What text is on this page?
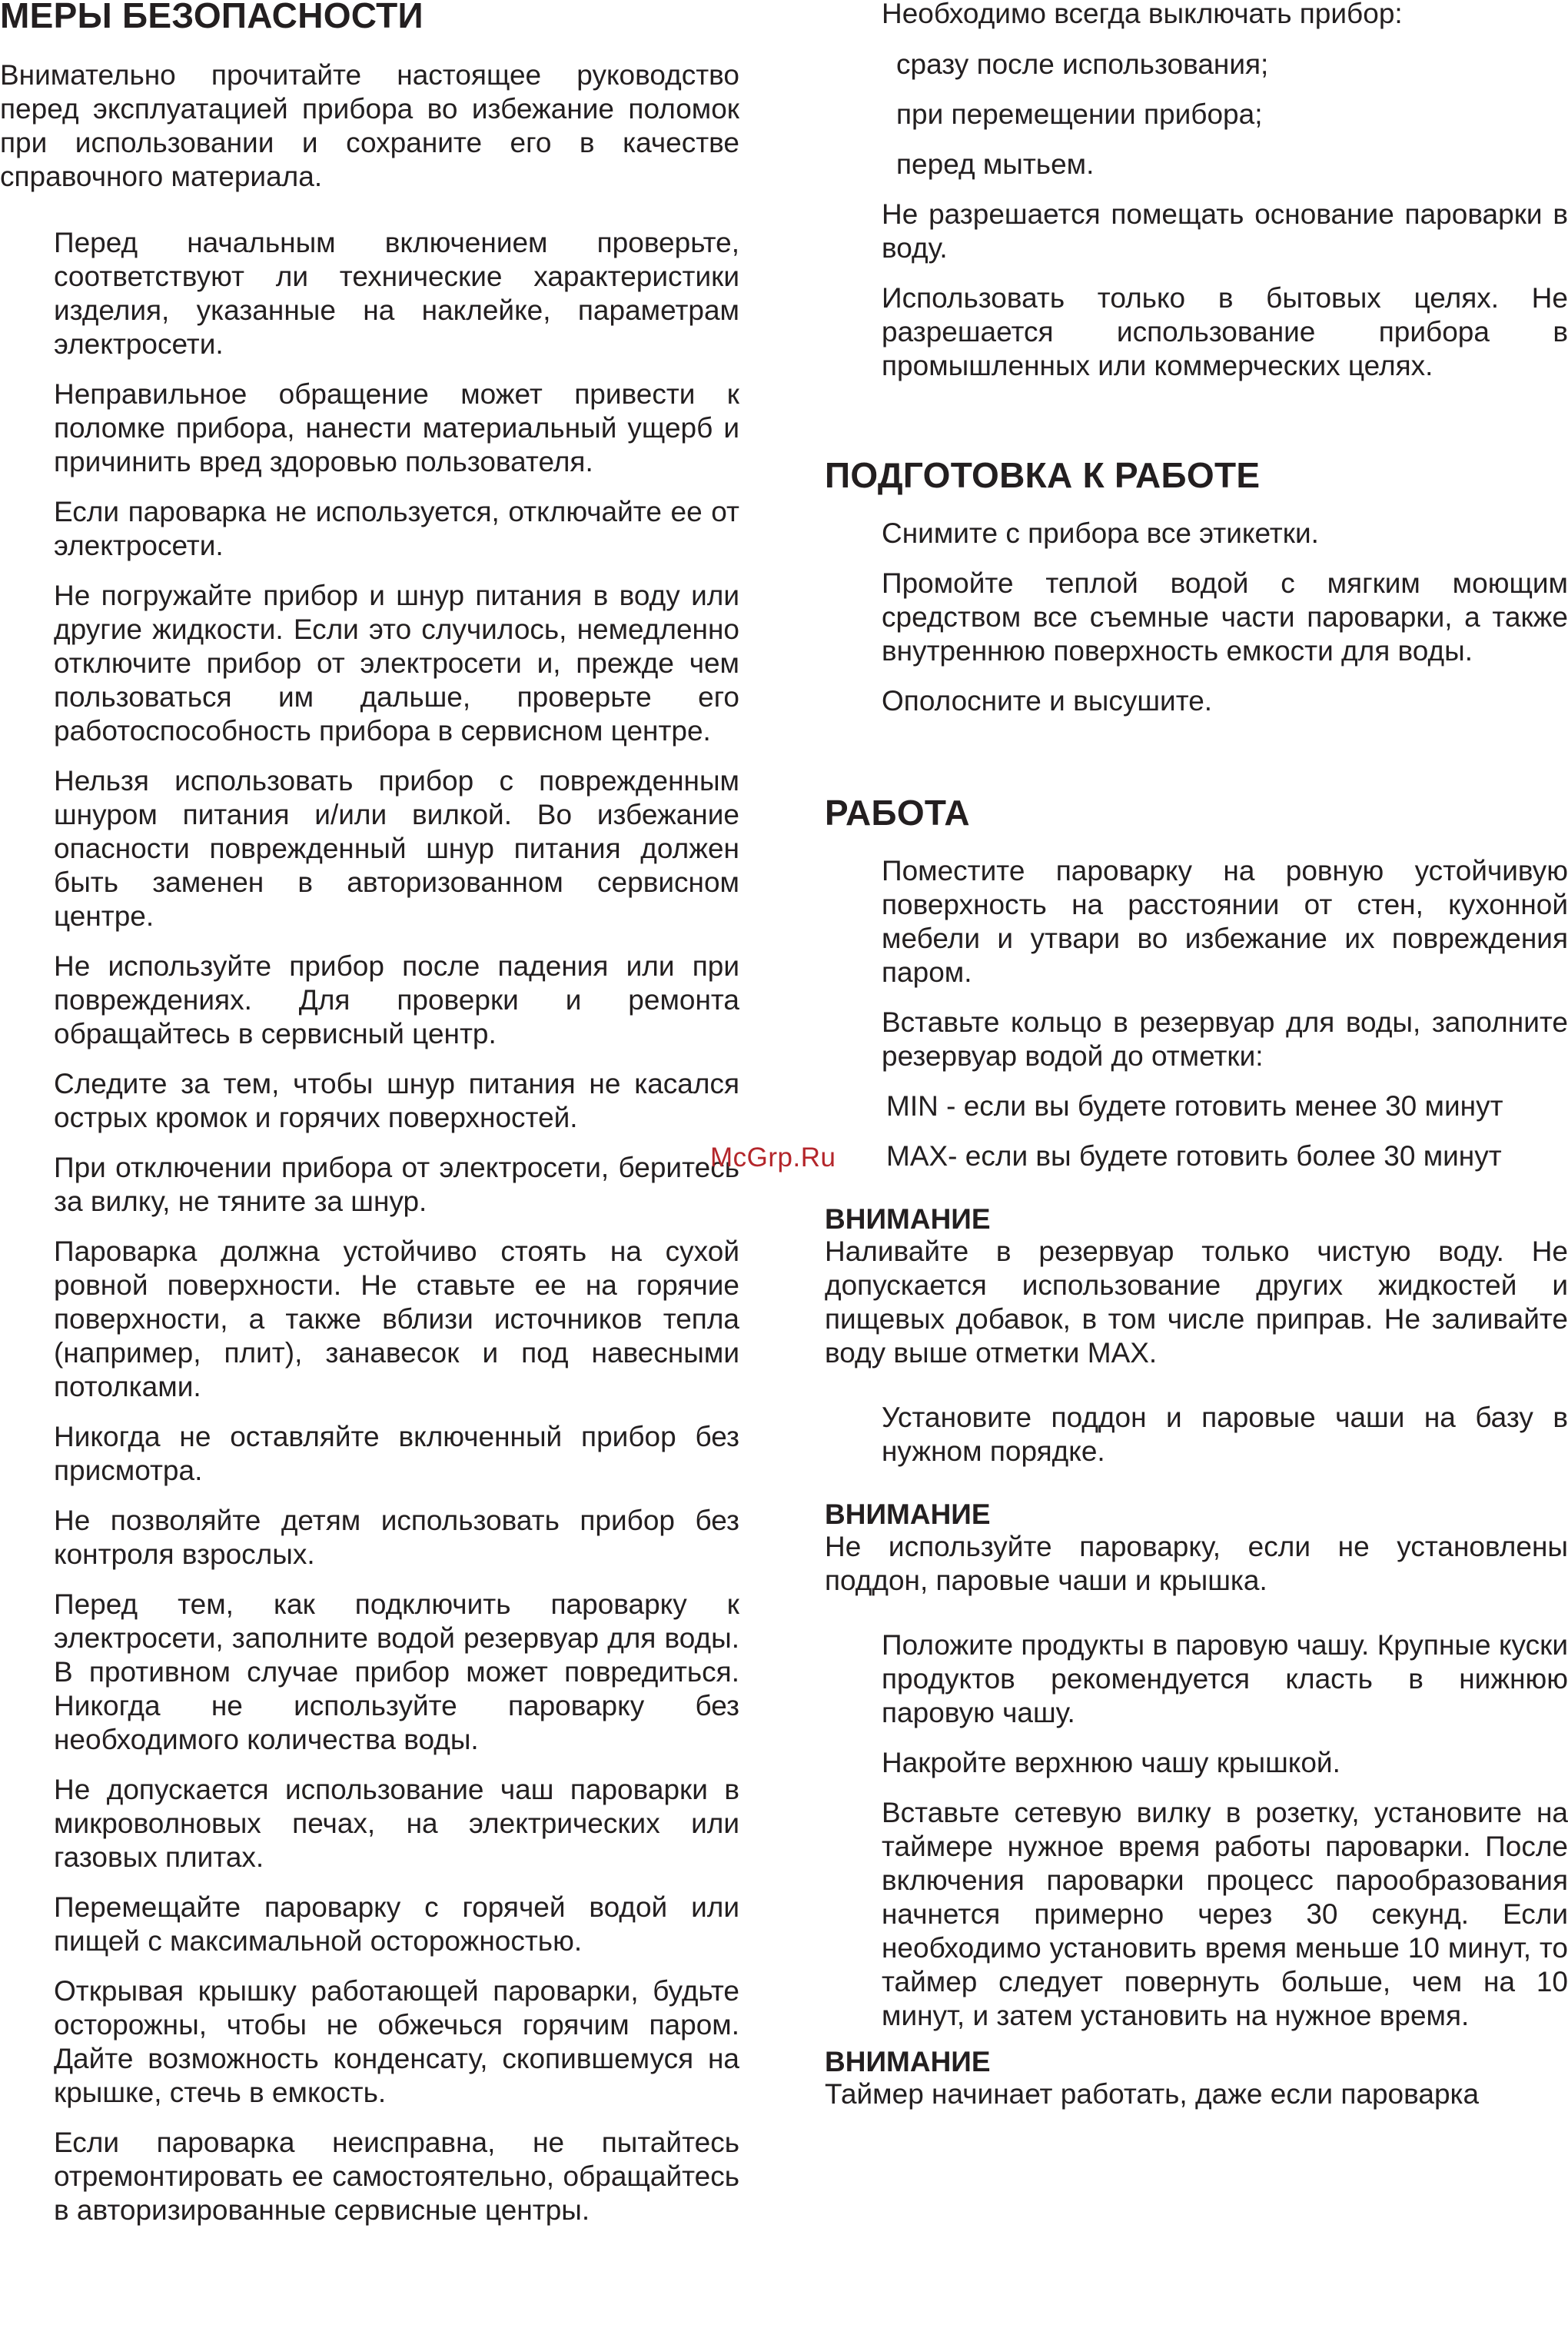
МЕРЫ БЕЗОПАСНОСТИ

Внимательно прочитайте настоящее руководство перед эксплуатацией прибора во избежание поломок при использовании и сохраните его в качестве справочного материала.

Перед начальным включением проверьте, соответствуют ли технические характеристики изделия, указанные на наклейке, параметрам электросети.

Неправильное обращение может привести к поломке прибора, нанести материальный ущерб и причинить вред здоровью пользователя.

Если пароварка не используется, отключайте ее от электросети.

Не погружайте прибор и шнур питания в воду или другие жидкости. Если это случилось, немедленно отключите прибор от электросети и, прежде чем пользоваться им дальше, проверьте его работоспособность прибора в сервисном центре.

Нельзя использовать прибор с поврежденным шнуром питания и/или вилкой. Во избежание опасности поврежденный шнур питания должен быть заменен в авторизованном сервисном центре.

Не используйте прибор после падения или при повреждениях. Для проверки и ремонта обращайтесь в сервисный центр.

Следите за тем, чтобы шнур питания не касался острых кромок и горячих поверхностей.

При отключении прибора от электросети, беритесь за вилку, не тяните за шнур.

Пароварка должна устойчиво стоять на сухой ровной поверхности. Не ставьте ее на горячие поверхности, а также вблизи источников тепла (например, плит), занавесок и под навесными потолками.

Никогда не оставляйте включенный прибор без присмотра.

Не позволяйте детям использовать прибор без контроля взрослых.

Перед тем, как подключить пароварку к электросети, заполните водой резервуар для воды. В противном случае прибор может повредиться. Никогда не используйте пароварку без необходимого количества воды.

Не допускается использование чаш пароварки в микроволновых печах, на электрических или газовых плитах.

Перемещайте пароварку с горячей водой или пищей с максимальной осторожностью.

Открывая крышку работающей пароварки, будьте осторожны, чтобы не обжечься горячим паром. Дайте возможность конденсату, скопившемуся на крышке, стечь в емкость.

Если пароварка неисправна, не пытайтесь отремонтировать ее самостоятельно, обращайтесь в авторизированные сервисные центры.

Необходимо всегда выключать прибор:

сразу после использования;

при перемещении прибора;

перед мытьем.

Не разрешается помещать основание пароварки в воду.

Использовать только в бытовых целях. Не разрешается использование прибора в промышленных или коммерческих целях.

ПОДГОТОВКА К РАБОТЕ

Снимите с прибора все этикетки.

Промойте теплой водой с мягким моющим средством все съемные части пароварки, а также внутреннюю поверхность емкости для воды.

Ополосните и высушите.

РАБОТА

Поместите пароварку на ровную устойчивую поверхность на расстоянии от стен, кухонной мебели и утвари во избежание их повреждения паром.

Вставьте кольцо в резервуар для воды, заполните резервуар водой до отметки:

MIN - если вы будете готовить менее 30 минут

MAX- если вы будете готовить более 30 минут

ВНИМАНИЕ

Наливайте в резервуар только чистую воду. Не допускается использование других жидкостей и пищевых добавок, в том числе приправ. Не заливайте воду выше отметки MAX.

Установите поддон и паровые чаши на базу в нужном порядке.

ВНИМАНИЕ

Не используйте пароварку, если не установлены поддон, паровые чаши и крышка.

Положите продукты в паровую чашу. Крупные куски продуктов рекомендуется класть в нижнюю паровую чашу.

Накройте верхнюю чашу крышкой.

Вставьте сетевую вилку в розетку, установите на таймере нужное время работы пароварки. После включения пароварки процесс парообразования начнется примерно через 30 секунд. Если необходимо установить время меньше 10 минут, то таймер следует повернуть больше, чем на 10 минут, и затем установить на нужное время.

ВНИМАНИЕ

Таймер начинает работать, даже если пароварка

McGrp.Ru
